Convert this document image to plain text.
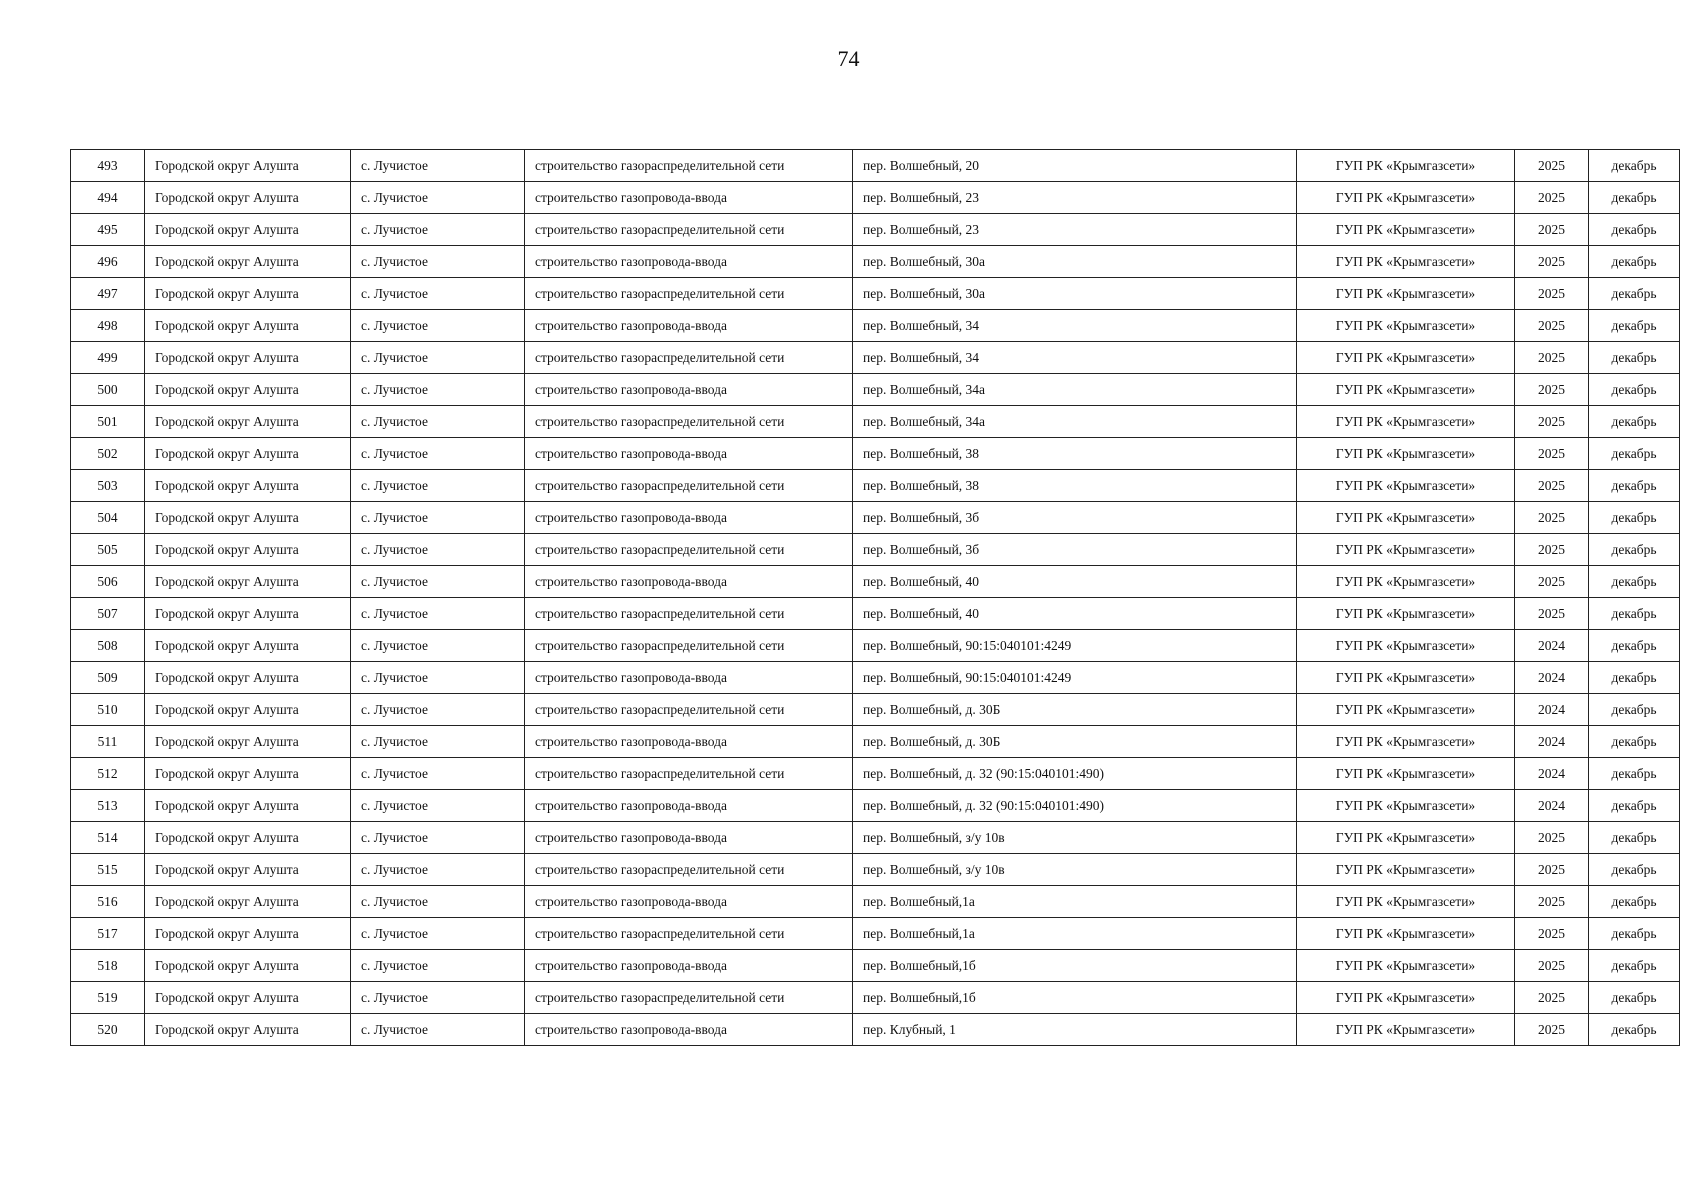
74
493	Городской округ Алушта	с. Лучистое	строительство газораспределительной сети	пер. Волшебный, 20	ГУП РК «Крымгазсети»	2025	декабрь
494	Городской округ Алушта	с. Лучистое	строительство газопровода-ввода	пер. Волшебный, 23	ГУП РК «Крымгазсети»	2025	декабрь
495	Городской округ Алушта	с. Лучистое	строительство газораспределительной сети	пер. Волшебный, 23	ГУП РК «Крымгазсети»	2025	декабрь
496	Городской округ Алушта	с. Лучистое	строительство газопровода-ввода	пер. Волшебный, 30а	ГУП РК «Крымгазсети»	2025	декабрь
497	Городской округ Алушта	с. Лучистое	строительство газораспределительной сети	пер. Волшебный, 30а	ГУП РК «Крымгазсети»	2025	декабрь
498	Городской округ Алушта	с. Лучистое	строительство газопровода-ввода	пер. Волшебный, 34	ГУП РК «Крымгазсети»	2025	декабрь
499	Городской округ Алушта	с. Лучистое	строительство газораспределительной сети	пер. Волшебный, 34	ГУП РК «Крымгазсети»	2025	декабрь
500	Городской округ Алушта	с. Лучистое	строительство газопровода-ввода	пер. Волшебный, 34а	ГУП РК «Крымгазсети»	2025	декабрь
501	Городской округ Алушта	с. Лучистое	строительство газораспределительной сети	пер. Волшебный, 34а	ГУП РК «Крымгазсети»	2025	декабрь
502	Городской округ Алушта	с. Лучистое	строительство газопровода-ввода	пер. Волшебный, 38	ГУП РК «Крымгазсети»	2025	декабрь
503	Городской округ Алушта	с. Лучистое	строительство газораспределительной сети	пер. Волшебный, 38	ГУП РК «Крымгазсети»	2025	декабрь
504	Городской округ Алушта	с. Лучистое	строительство газопровода-ввода	пер. Волшебный, 3б	ГУП РК «Крымгазсети»	2025	декабрь
505	Городской округ Алушта	с. Лучистое	строительство газораспределительной сети	пер. Волшебный, 3б	ГУП РК «Крымгазсети»	2025	декабрь
506	Городской округ Алушта	с. Лучистое	строительство газопровода-ввода	пер. Волшебный, 40	ГУП РК «Крымгазсети»	2025	декабрь
507	Городской округ Алушта	с. Лучистое	строительство газораспределительной сети	пер. Волшебный, 40	ГУП РК «Крымгазсети»	2025	декабрь
508	Городской округ Алушта	с. Лучистое	строительство газораспределительной сети	пер. Волшебный, 90:15:040101:4249	ГУП РК «Крымгазсети»	2024	декабрь
509	Городской округ Алушта	с. Лучистое	строительство газопровода-ввода	пер. Волшебный, 90:15:040101:4249	ГУП РК «Крымгазсети»	2024	декабрь
510	Городской округ Алушта	с. Лучистое	строительство газораспределительной сети	пер. Волшебный, д. 30Б	ГУП РК «Крымгазсети»	2024	декабрь
511	Городской округ Алушта	с. Лучистое	строительство газопровода-ввода	пер. Волшебный, д. 30Б	ГУП РК «Крымгазсети»	2024	декабрь
512	Городской округ Алушта	с. Лучистое	строительство газораспределительной сети	пер. Волшебный, д. 32 (90:15:040101:490)	ГУП РК «Крымгазсети»	2024	декабрь
513	Городской округ Алушта	с. Лучистое	строительство газопровода-ввода	пер. Волшебный, д. 32 (90:15:040101:490)	ГУП РК «Крымгазсети»	2024	декабрь
514	Городской округ Алушта	с. Лучистое	строительство газопровода-ввода	пер. Волшебный, з/у 10в	ГУП РК «Крымгазсети»	2025	декабрь
515	Городской округ Алушта	с. Лучистое	строительство газораспределительной сети	пер. Волшебный, з/у 10в	ГУП РК «Крымгазсети»	2025	декабрь
516	Городской округ Алушта	с. Лучистое	строительство газопровода-ввода	пер. Волшебный,1а	ГУП РК «Крымгазсети»	2025	декабрь
517	Городской округ Алушта	с. Лучистое	строительство газораспределительной сети	пер. Волшебный,1а	ГУП РК «Крымгазсети»	2025	декабрь
518	Городской округ Алушта	с. Лучистое	строительство газопровода-ввода	пер. Волшебный,1б	ГУП РК «Крымгазсети»	2025	декабрь
519	Городской округ Алушта	с. Лучистое	строительство газораспределительной сети	пер. Волшебный,1б	ГУП РК «Крымгазсети»	2025	декабрь
520	Городской округ Алушта	с. Лучистое	строительство газопровода-ввода	пер. Клубный, 1	ГУП РК «Крымгазсети»	2025	декабрь
